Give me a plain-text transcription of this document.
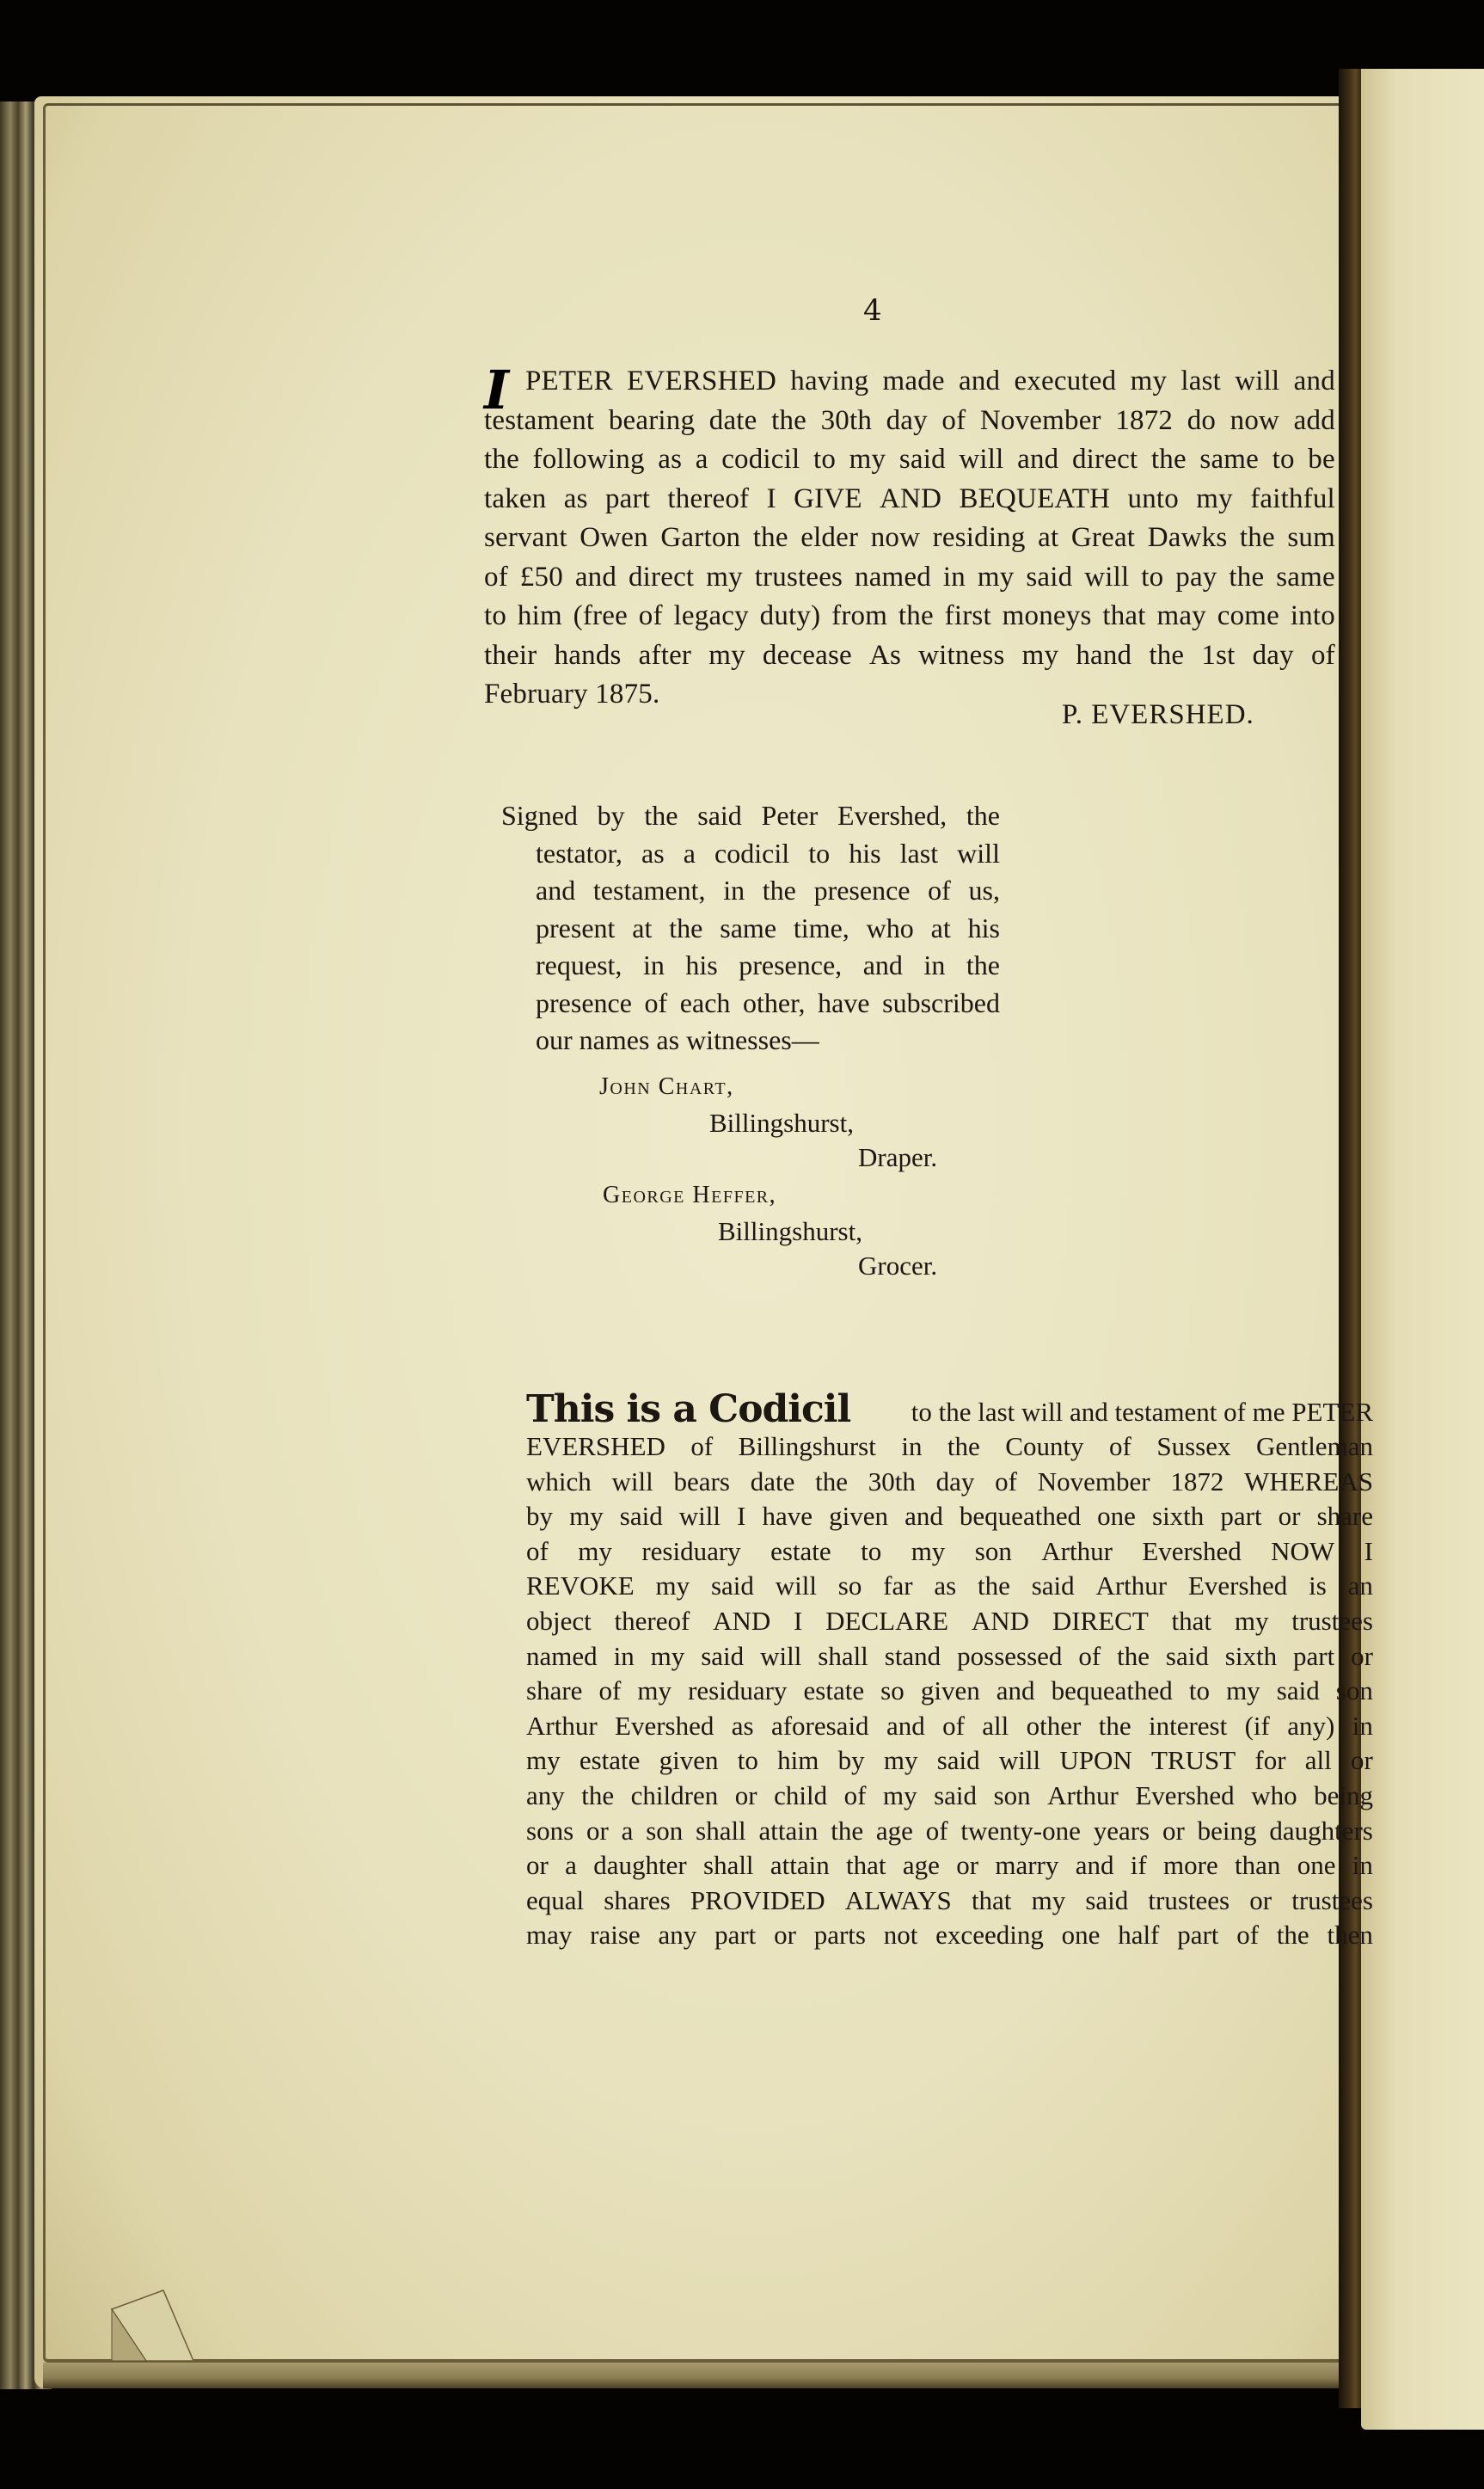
4
I PETER EVERSHED having made and executed my last will and
testament bearing date the 30th day of November 1872 do now add
the following as a codicil to my said will and direct the same to be
taken as part thereof I GIVE AND BEQUEATH unto my faithful
servant Owen Garton the elder now residing at Great Dawks the sum
of £50 and direct my trustees named in my said will to pay the same
to him (free of legacy duty) from the first moneys that may come into
their hands after my decease As witness my hand the 1st day of
February 1875.
P. EVERSHED.
Signed by the said Peter Evershed, the
testator, as a codicil to his last will
and testament, in the presence of us,
present at the same time, who at his
request, in his presence, and in the
presence of each other, have subscribed
our names as witnesses—
John Chart,
Billingshurst,
Draper.
George Heffer,
Billingshurst,
Grocer.
This is a Codicil to the last will and testament of me PETER
EVERSHED of Billingshurst in the County of Sussex Gentleman
which will bears date the 30th day of November 1872 WHEREAS
by my said will I have given and bequeathed one sixth part or share
of my residuary estate to my son Arthur Evershed NOW I
REVOKE my said will so far as the said Arthur Evershed is an
object thereof AND I DECLARE AND DIRECT that my trustees
named in my said will shall stand possessed of the said sixth part or
share of my residuary estate so given and bequeathed to my said son
Arthur Evershed as aforesaid and of all other the interest (if any) in
my estate given to him by my said will UPON TRUST for all or
any the children or child of my said son Arthur Evershed who being
sons or a son shall attain the age of twenty-one years or being daughters
or a daughter shall attain that age or marry and if more than one in
equal shares PROVIDED ALWAYS that my said trustees or trustees
may raise any part or parts not exceeding one half part of the then
